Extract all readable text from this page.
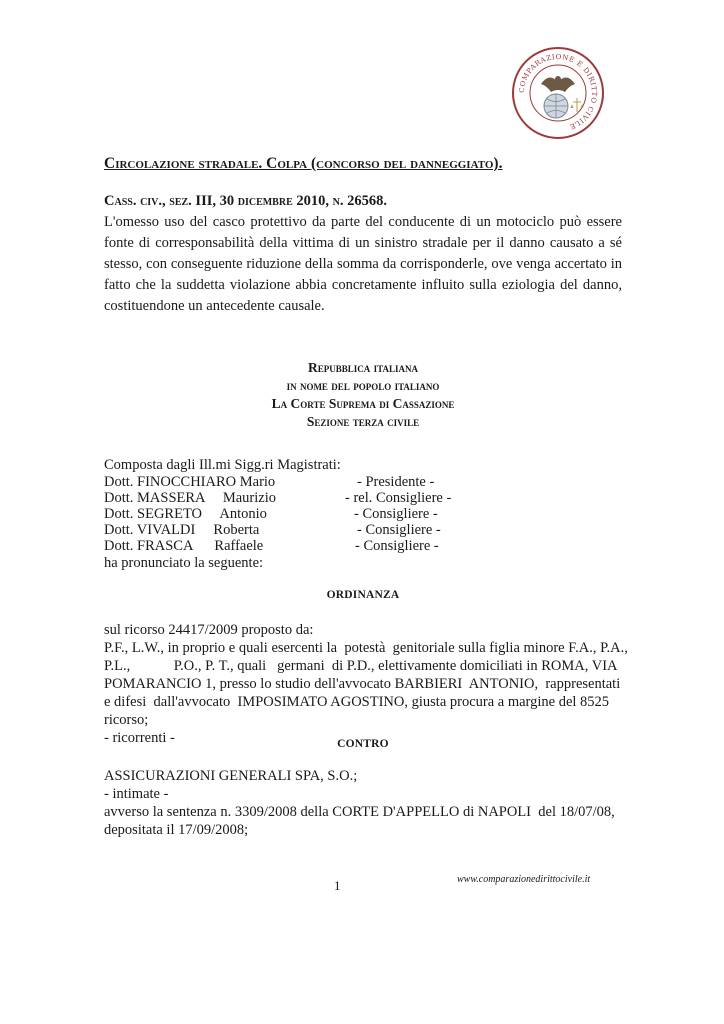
COMPARAZIONE E DIRITTO CIVILE
Circolazione stradale. Colpa (concorso del danneggiato).
Cass. civ., sez. III, 30 dicembre 2010, n. 26568.
L'omesso uso del casco protettivo da parte del conducente di un motociclo può essere fonte di corresponsabilità della vittima di un sinistro stradale per il danno causato a sé stesso, con conseguente riduzione della somma da corrisponderle, ove venga accertato in fatto che la suddetta violazione abbia concretamente influito sulla eziologia del danno, costituendone un antecedente causale.
Repubblica italiana
in nome del popolo italiano
La Corte Suprema di Cassazione
Sezione terza civile
Composta dagli Ill.mi Sigg.ri Magistrati:
Dott. FINOCCHIARO Mario	- Presidente -
Dott. MASSERA     Maurizio	- rel. Consigliere -
Dott. SEGRETO     Antonio	- Consigliere -
Dott. VIVALDI     Roberta	- Consigliere -
Dott. FRASCA      Raffaele	- Consigliere -
ha pronunciato la seguente:
ORDINANZA
sul ricorso 24417/2009 proposto da:
P.F., L.W., in proprio e quali esercenti la  potestà  genitoriale sulla figlia minore F.A., P.A.,
P.L.,            P.O., P. T., quali   germani  di P.D., elettivamente domiciliati in ROMA, VIA
POMARANCIO 1, presso lo studio dell'avvocato BARBIERI  ANTONIO,  rappresentati
e difesi  dall'avvocato  IMPOSIMATO AGOSTINO, giusta procura a margine del 8525
ricorso;
- ricorrenti -	CONTRO
ASSICURAZIONI GENERALI SPA, S.O.;
- intimate -
avverso la sentenza n. 3309/2008 della CORTE D'APPELLO di NAPOLI  del 18/07/08,
depositata il 17/09/2008;
1	www.comparazionedirittocivile.it
